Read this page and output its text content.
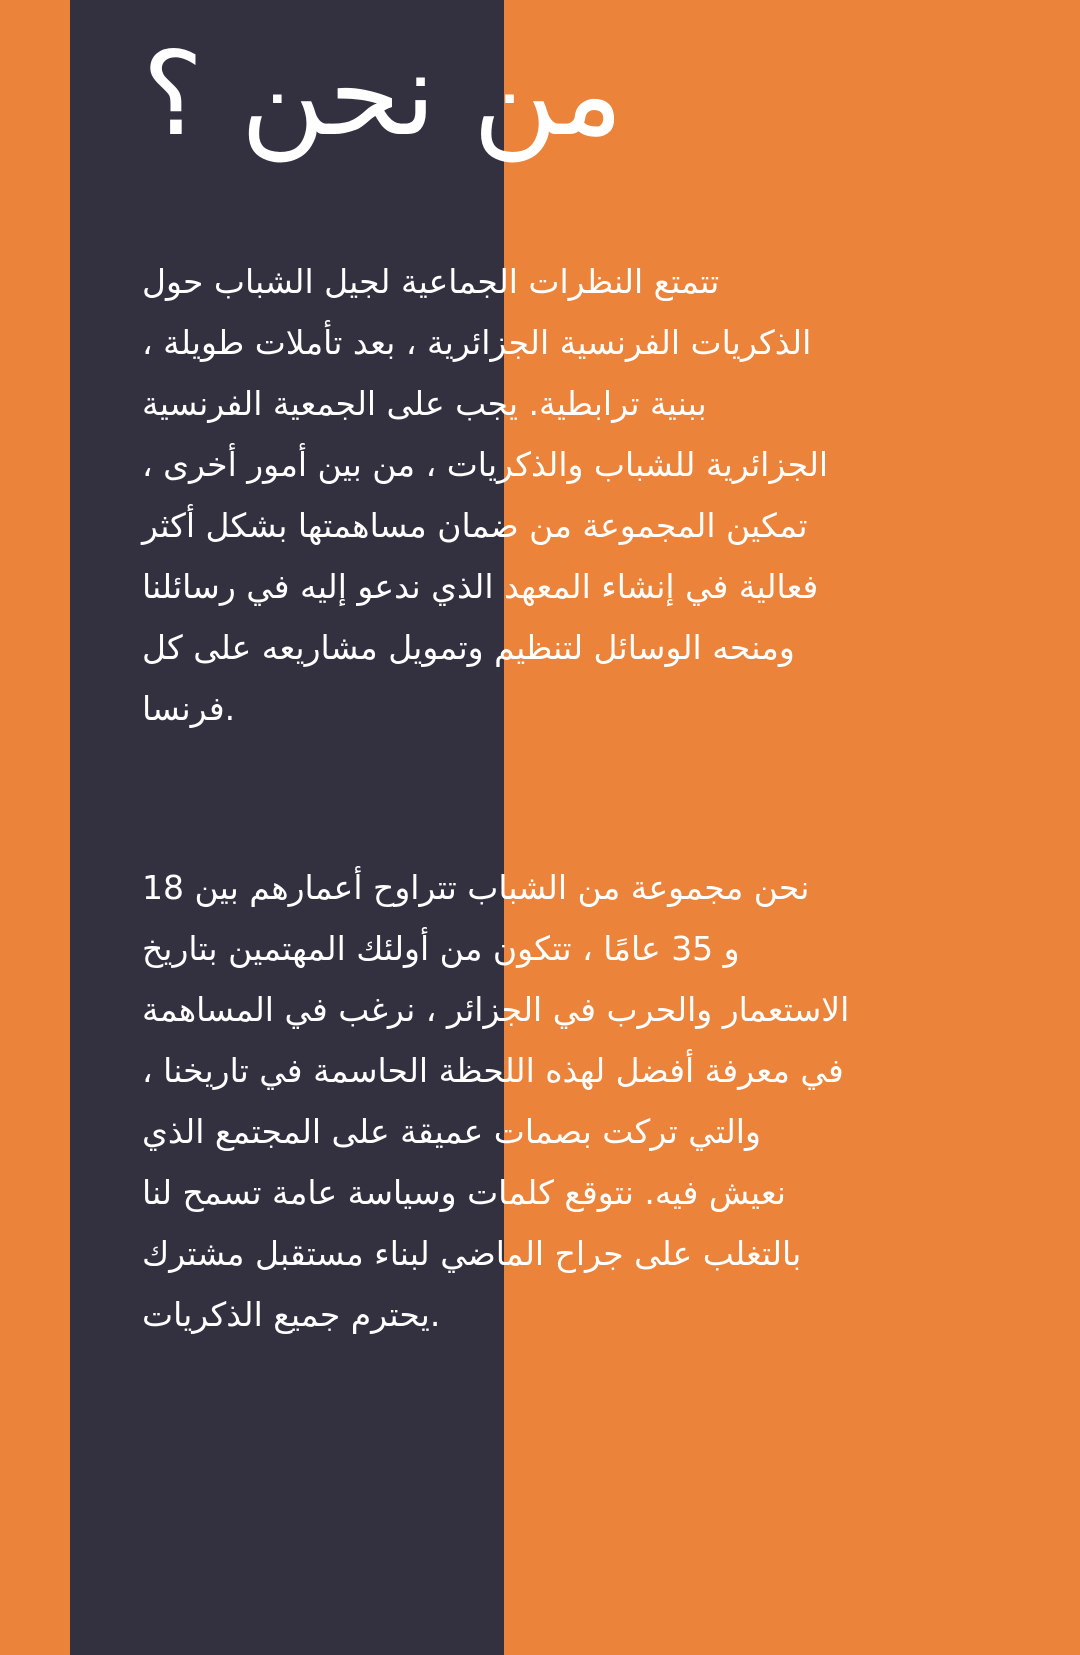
من نحن ؟
تتمتع النظرات الجماعية لجيل الشباب حول
الذكريات الفرنسية الجزائرية ، بعد تأملات طويلة ،
ببنية ترابطية. يجب على الجمعية الفرنسية
الجزائرية للشباب والذكريات ، من بين أمور أخرى ،
تمكين المجموعة من ضمان مساهمتها بشكل أكثر
فعالية في إنشاء المعهد الذي ندعو إليه في رسائلنا
ومنحه الوسائل لتنظيم وتمويل مشاريعه على كل
.فرنسا
نحن مجموعة من الشباب تتراوح أعمارهم بين 18
و 35 عامًا ، تتكون من أولئك المهتمين بتاريخ
الاستعمار والحرب في الجزائر ، نرغب في المساهمة
في معرفة أفضل لهذه اللحظة الحاسمة في تاريخنا ،
والتي تركت بصمات عميقة على المجتمع الذي
نعيش فيه. نتوقع كلمات وسياسة عامة تسمح لنا
بالتغلب على جراح الماضي لبناء مستقبل مشترك
.يحترم جميع الذكريات
